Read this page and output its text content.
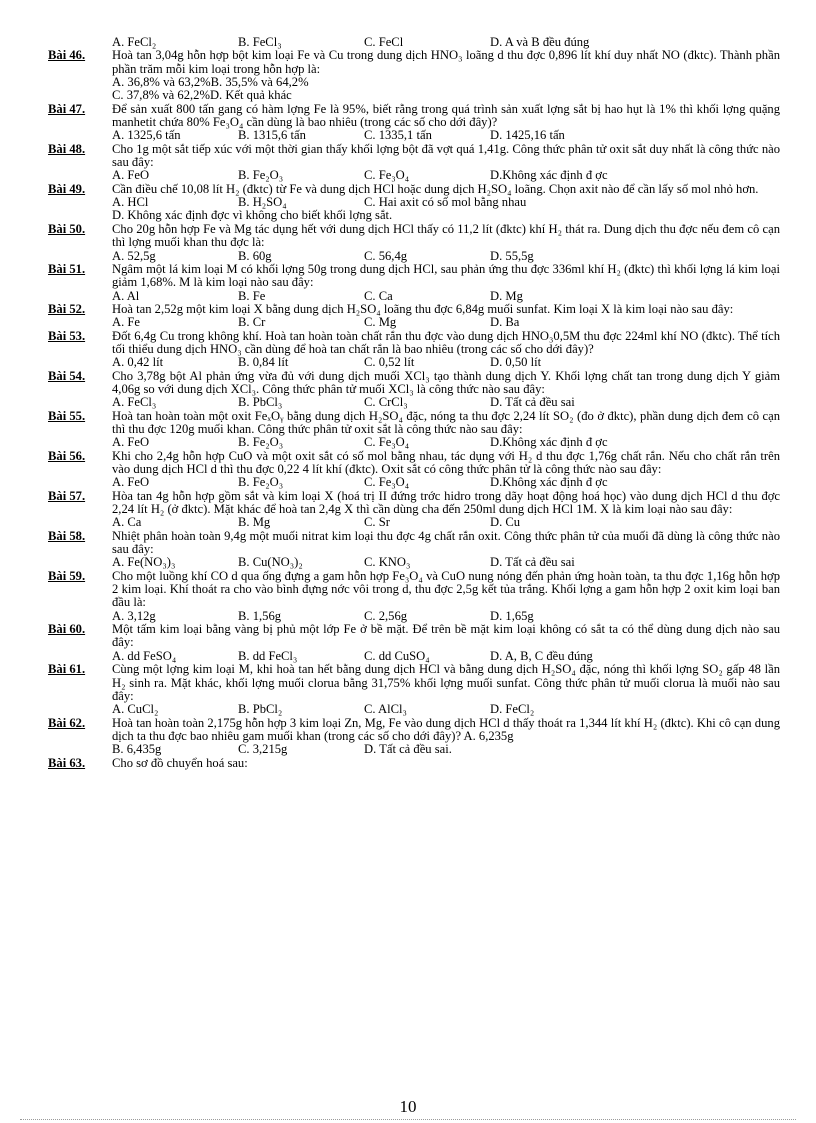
A. FeCl₂	B. FeCl₃	C. FeCl	D. A và B đều đúng
Bài 46.	Hoà tan 3,04g hỗn hợp bột kim loại Fe và Cu trong dung dịch HNO₃ loãng d thu đợc 0,896 lít khí duy nhất NO (đktc). Thành phần phần trăm mỗi kim loại trong hỗn hợp là:
A. 36,8% và 63,2%B. 35,5% và 64,2%
C. 37,8% và 62,2%D. Kết quả khác
Bài 47.	Để sản xuất 800 tấn gang có hàm lợng Fe là 95%, biết rằng trong quá trình sản xuất lợng sắt bị hao hụt là 1% thì khối lợng quặng manhetit chứa 80% Fe₃O₄ cần dùng là bao nhiêu (trong các số cho dới đây)?
A. 1325,6 tấn	B. 1315,6 tấn	C. 1335,1 tấn	D. 1425,16 tấn
Bài 48.	Cho 1g một sắt tiếp xúc với một thời gian thấy khối lợng bột đã vợt quá 1,41g. Công thức phân tử oxit sắt duy nhất là công thức nào sau đây:
A. FeO	B. Fe₂O₃	C. Fe₃O₄	D.Không xác định đ ợc
Bài 49.	Cần điều chế 10,08 lít H₂ (đktc) từ Fe và dung dịch HCl hoặc dung dịch H₂SO₄ loãng. Chọn axit nào để cần lấy số mol nhỏ hơn.
A. HCl	B. H₂SO₄	C. Hai axit có số mol bằng nhau
D. Không xác định đợc vì không cho biết khối lợng sắt.
Bài 50.	Cho 20g hỗn hợp Fe và Mg tác dụng hết với dung dịch HCl thấy có 11,2 lít (đktc) khí H₂ thát ra. Dung dịch thu đợc nếu đem cô cạn thì lợng muối khan thu đợc là:
A. 52,5g	B. 60g	C. 56,4g	D. 55,5g
Bài 51.	Ngâm một lá kim loại M có khối lợng 50g trong dung dịch HCl, sau phản ứng thu đợc 336ml khí H₂ (đktc) thì khối lợng lá kim loại giảm 1,68%. M là kim loại nào sau đây:
A. Al	B. Fe	C. Ca	D. Mg
Bài 52.	Hoà tan 2,52g một kim loại X bằng dung dịch H₂SO₄ loãng thu đợc 6,84g muối sunfat. Kim loại X là kim loại nào sau đây:
A. Fe	B. Cr	C. Mg	D. Ba
Bài 53.	Đốt 6,4g Cu trong không khí. Hoà tan hoàn toàn chất rắn thu đợc vào dung dịch HNO₃0,5M thu đợc 224ml khí NO (đktc). Thể tích tối thiểu dung dịch HNO₃ cần dùng để hoà tan chất rắn là bao nhiêu (trong các số cho dới đây)?
A. 0,42 lít	B. 0,84 lít	C. 0,52 lít	D. 0,50 lít
Bài 54.	Cho 3,78g bột Al phản ứng vừa đủ với dung dịch muối XCl₃ tạo thành dung dịch Y. Khối lợng chất tan trong dung dịch Y giảm 4,06g so với dung dịch XCl₃. Công thức phân tử muối XCl₃ là công thức nào sau đây:
A. FeCl₃	B. PbCl₃	C. CrCl₃	D. Tất cả đều sai
Bài 55.	Hoà tan hoàn toàn một oxit FeₓOᵧ bằng dung dịch H₂SO₄ đặc, nóng ta thu đợc 2,24 lít SO₂ (đo ở đktc), phần dung dịch đem cô cạn thì thu đợc 120g muối khan. Công thức phân tử oxit sắt là công thức nào sau đây:
A. FeO	B. Fe₂O₃	C. Fe₃O₄	D.Không xác định đ ợc
Bài 56.	Khi cho 2,4g hỗn hợp CuO và một oxit sắt có số mol bằng nhau, tác dụng với H₂ d thu đợc 1,76g chất rắn. Nếu cho chất rắn trên vào dung dịch HCl d thì thu đợc 0,22 4 lít khí (đktc). Oxit sắt có công thức phân tử là công thức nào sau đây:
A. FeO	B. Fe₂O₃	C. Fe₃O₄	D.Không xác định đ ợc
Bài 57.	Hòa tan 4g hỗn hợp gồm sắt và kim loại X (hoá trị II đứng trớc hidro trong dãy hoạt động hoá học) vào dung dịch HCl d thu đợc 2,24 lít H₂ (ở đktc). Mặt khác để hoà tan 2,4g X thì cần dùng cha đến 250ml dung dịch HCl 1M. X là kim loại nào sau đây:
A. Ca	B. Mg	C. Sr	D. Cu
Bài 58.	Nhiệt phân hoàn toàn 9,4g một muối nitrat kim loại thu đợc 4g chất rắn oxit. Công thức phân tử của muối đã dùng là công thức nào sau đây:
A. Fe(NO₃)₃	B. Cu(NO₃)₂	C. KNO₃	D. Tất cả đều sai
Bài 59.	Cho một luồng khí CO d qua ống đựng a gam hỗn hợp Fe₃O₄ và CuO nung nóng đến phản ứng hoàn toàn, ta thu đợc 1,16g hỗn hợp 2 kim loại. Khí thoát ra cho vào bình đựng nớc vôi trong d, thu đợc 2,5g kết tủa trắng. Khối lợng a gam hỗn hợp 2 oxit kim loại ban đầu là:
A. 3,12g	B. 1,56g	C. 2,56g	D. 1,65g
Bài 60.	Một tấm kim loại bằng vàng bị phủ một lớp Fe ở bề mặt. Để trên bề mặt kim loại không có sắt ta có thể dùng dung dịch nào sau đây:
A. dd FeSO₄	B. dd FeCl₃	C. dd CuSO₄	D. A, B, C đều đúng
Bài 61.	Cùng một lợng kim loại M, khi hoà tan hết bằng dung dịch HCl và bằng dung dịch H₂SO₄ đặc, nóng thì khối lợng SO₂ gấp 48 lần H₂ sinh ra. Mặt khác, khối lợng muối clorua bằng 31,75% khối lợng muối sunfat. Công thức phân tử muối clorua là muối nào sau đây:
A. CuCl₂	B. PbCl₂	C. AlCl₃	D. FeCl₂
Bài 62.	Hoà tan hoàn toàn 2,175g hỗn hợp 3 kim loại Zn, Mg, Fe vào dung dịch HCl d thấy thoát ra 1,344 lít khí H₂ (đktc). Khi cô cạn dung dịch ta thu đợc bao nhiêu gam muối khan (trong các số cho dới đây)? A. 6,235g
B. 6,435g	C. 3,215g	D. Tất cả đều sai.
Bài 63.	Cho sơ đồ chuyển hoá sau:
10
